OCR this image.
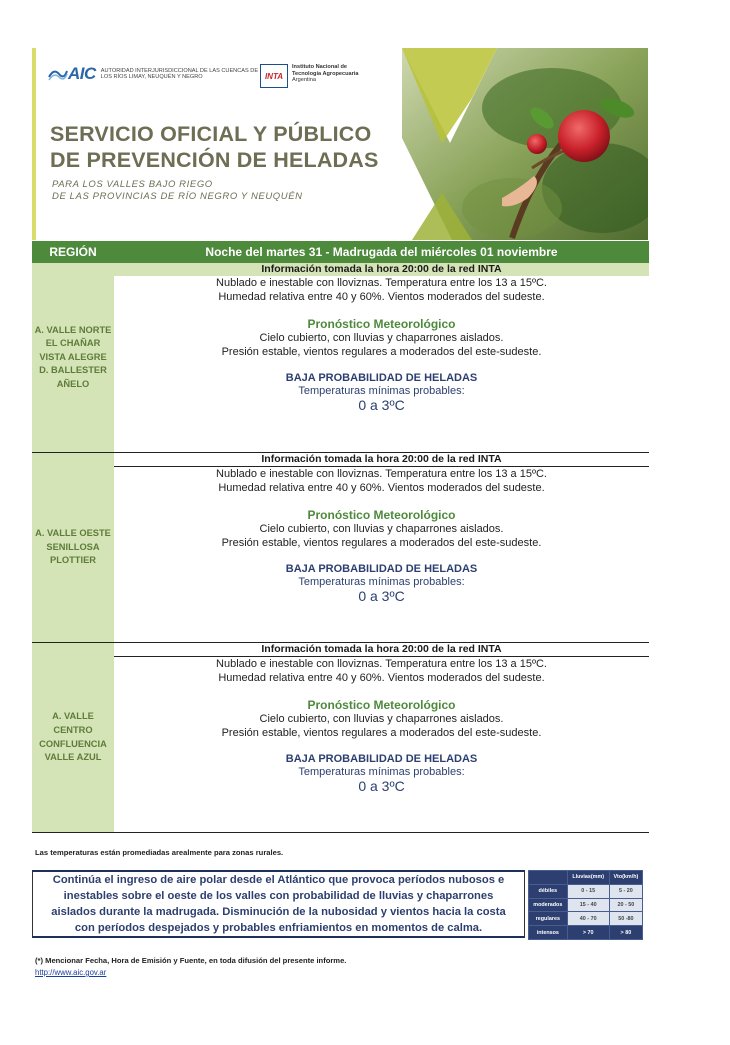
AIC AUTORIDAD INTERJURISDICCIONAL DE LAS CUENCAS DE LOS RÍOS LIMAY, NEUQUÉN Y NEGRO	INTA
Instituto Nacional de
Tecnología Agropecuaria
Argentina
SERVICIO OFICIAL Y PÚBLICO
DE PREVENCIÓN DE HELADAS
PARA LOS VALLES BAJO RIEGO
DE LAS PROVINCIAS DE RÍO NEGRO Y NEUQUÉN
REGIÓN	Noche del martes 31 - Madrugada del miércoles 01 noviembre
A. VALLE NORTE
EL CHAÑAR
VISTA ALEGRE
D. BALLESTER
AÑELO
Información tomada la hora 20:00 de la red INTA
Nublado e inestable con lloviznas. Temperatura entre los 13 a 15ºC.
Humedad relativa entre 40 y 60%. Vientos moderados del sudeste.
Pronóstico Meteorológico
Cielo cubierto, con lluvias y chaparrones aislados.
Presión estable, vientos regulares a moderados del este-sudeste.
BAJA PROBABILIDAD DE HELADAS
Temperaturas mínimas probables:
0 a 3ºC
A. VALLE OESTE
SENILLOSA
PLOTTIER
Información tomada la hora 20:00 de la red INTA
Nublado e inestable con lloviznas. Temperatura entre los 13 a 15ºC.
Humedad relativa entre 40 y 60%. Vientos moderados del sudeste.
Pronóstico Meteorológico
Cielo cubierto, con lluvias y chaparrones aislados.
Presión estable, vientos regulares a moderados del este-sudeste.
BAJA PROBABILIDAD DE HELADAS
Temperaturas mínimas probables:
0 a 3ºC
A. VALLE CENTRO
CONFLUENCIA
VALLE AZUL
Información tomada la hora 20:00 de la red INTA
Nublado e inestable con lloviznas. Temperatura entre los 13 a 15ºC.
Humedad relativa entre 40 y 60%. Vientos moderados del sudeste.
Pronóstico Meteorológico
Cielo cubierto, con lluvias y chaparrones aislados.
Presión estable, vientos regulares a moderados del este-sudeste.
BAJA PROBABILIDAD DE HELADAS
Temperaturas mínimas probables:
0 a 3ºC
Las temperaturas están promediadas arealmente para zonas rurales.
Continúa el ingreso de aire polar desde el Atlántico que provoca períodos nubosos e inestables sobre el oeste de los valles con probabilidad de lluvias y chaparrones aislados durante la madrugada. Disminución de la nubosidad y vientos hacia la costa con períodos despejados y probables enfriamientos en momentos de calma.
	Lluvias(mm)	Vto(km/h)
débiles	0 - 15	5 - 20
moderados	15 - 40	20 - 50
regulares	40 - 70	50 -80
intensos	> 70	> 80
(*) Mencionar Fecha, Hora de Emisión y Fuente, en toda difusión del presente informe.
http://www.aic.gov.ar
